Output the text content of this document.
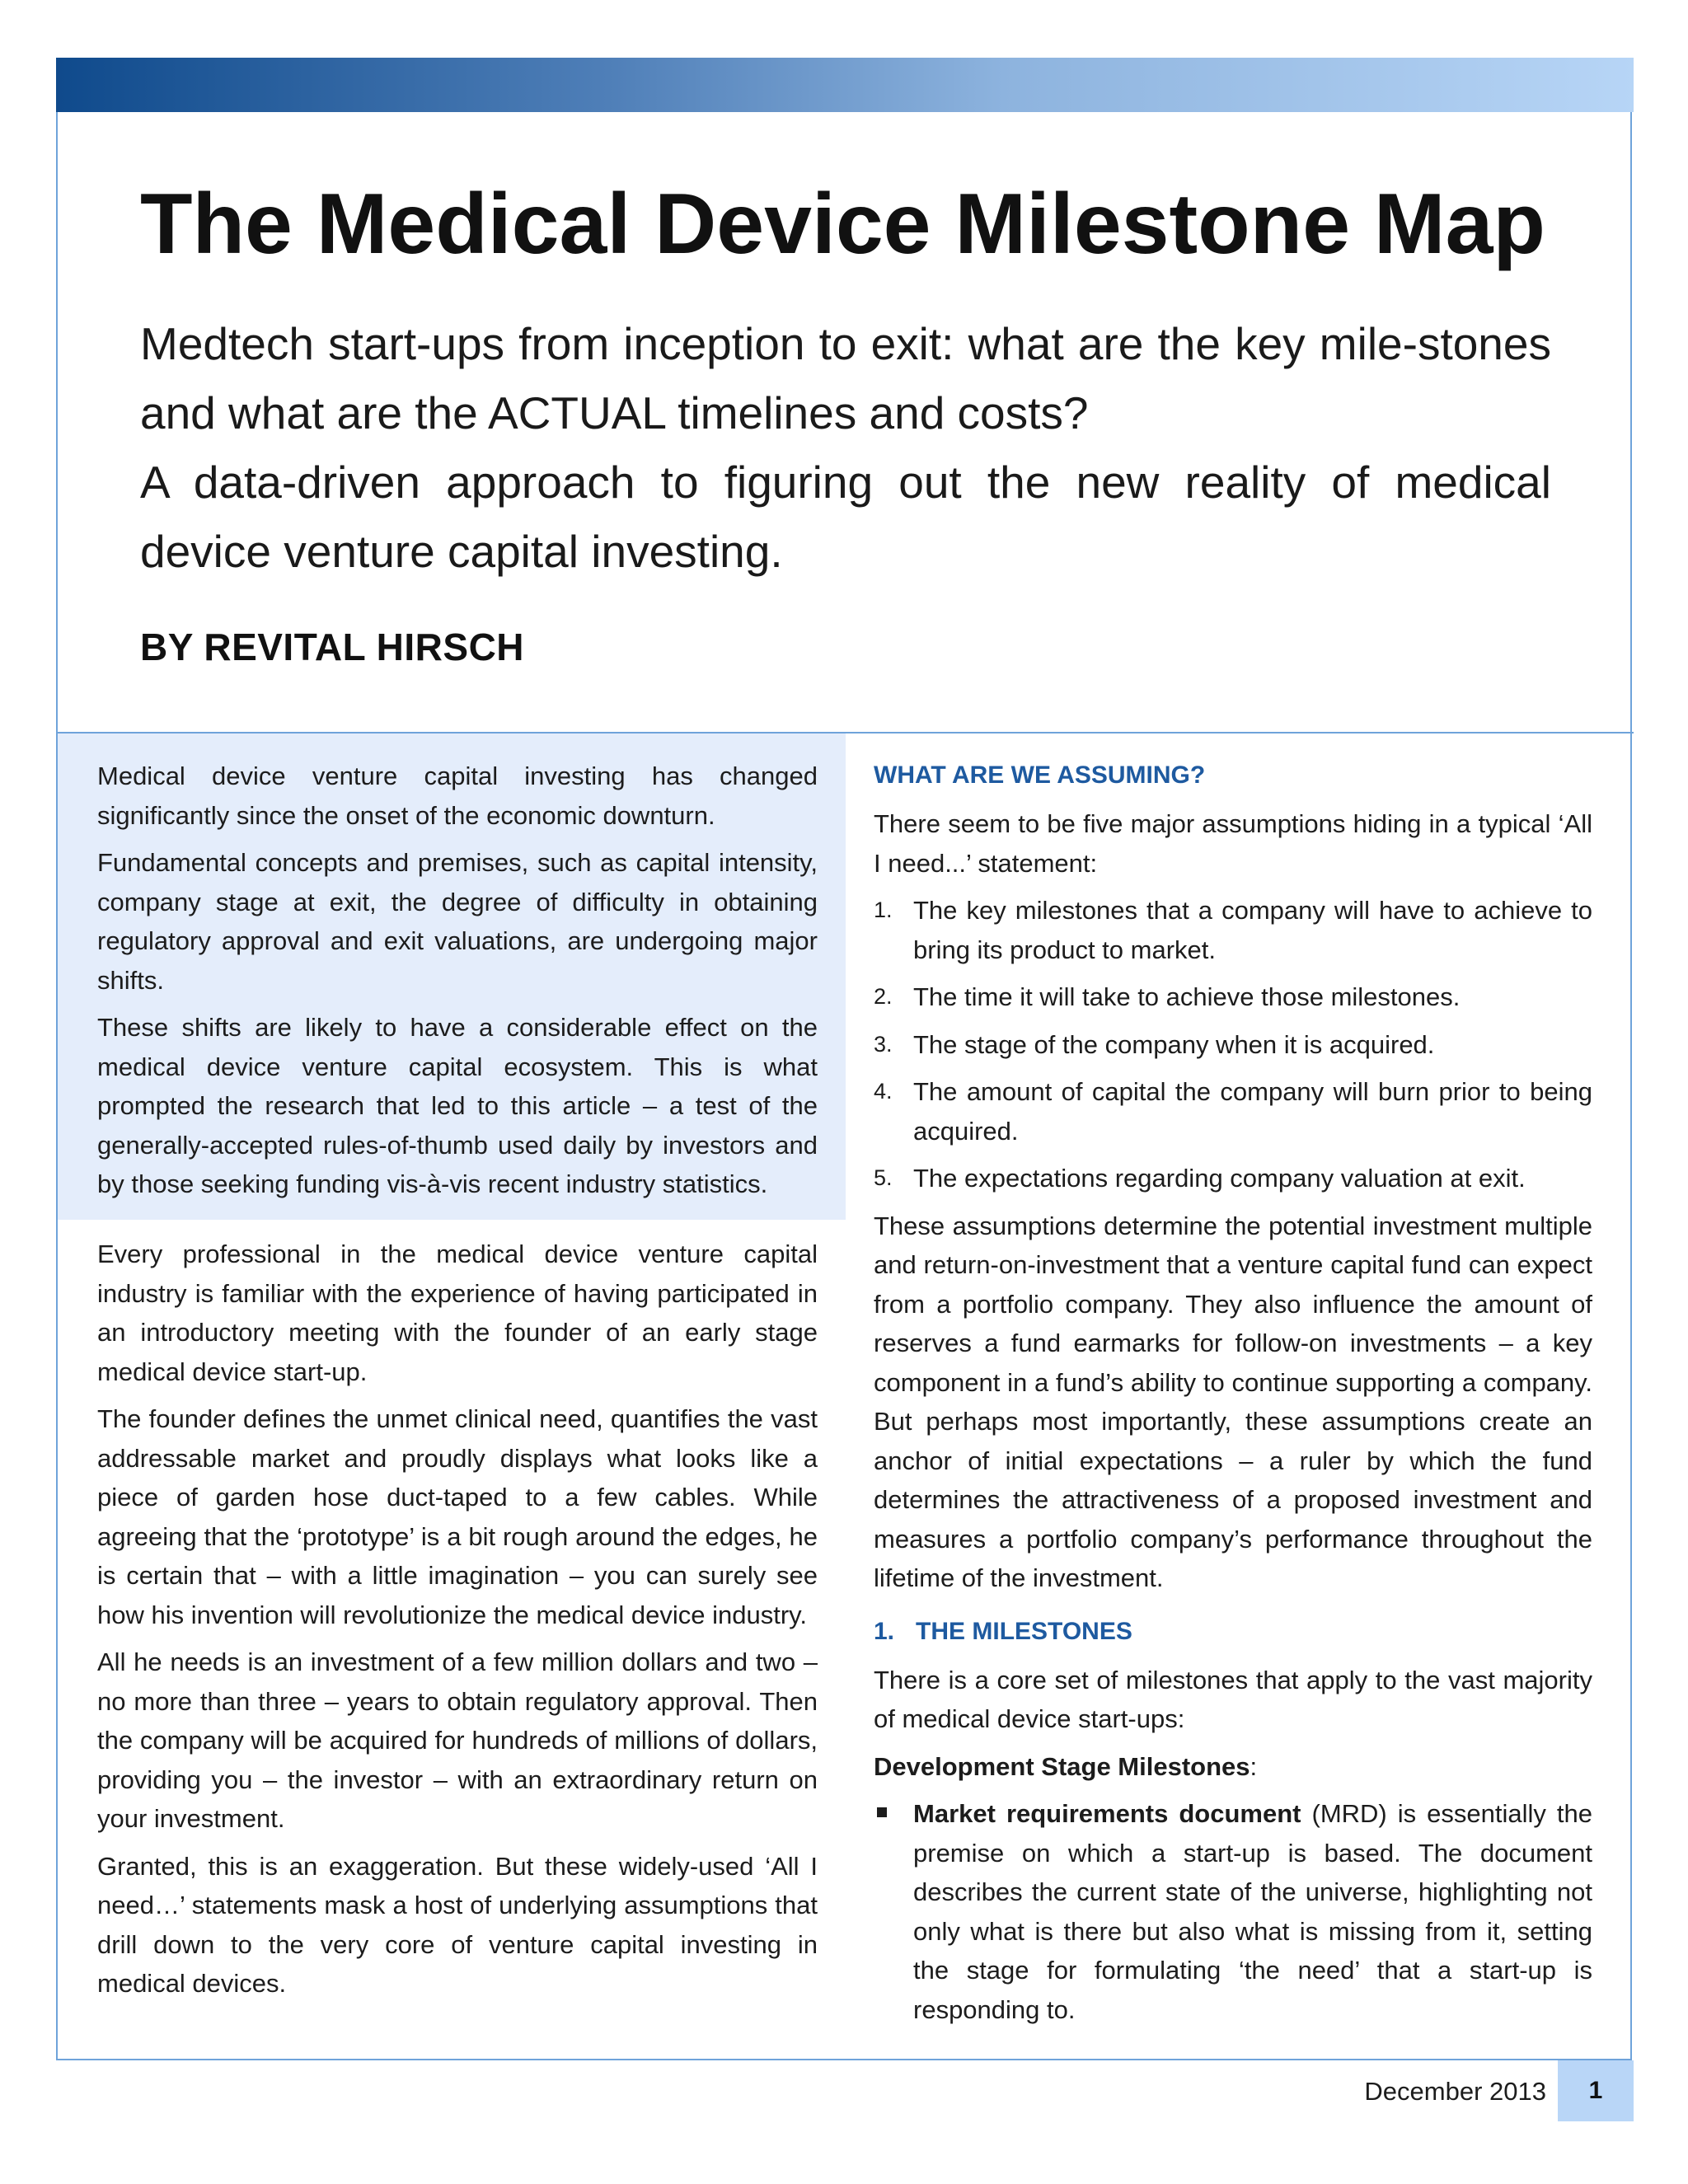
The Medical Device Milestone Map

Medtech start-ups from inception to exit: what are the key mile-stones and what are the ACTUAL timelines and costs?

A data-driven approach to figuring out the new reality of medical device venture capital investing.

BY REVITAL HIRSCH

Medical device venture capital investing has changed significantly since the onset of the economic downturn.

Fundamental concepts and premises, such as capital intensity, company stage at exit, the degree of difficulty in obtaining regulatory approval and exit valuations, are undergoing major shifts.

These shifts are likely to have a considerable effect on the medical device venture capital ecosystem. This is what prompted the research that led to this article – a test of the generally-accepted rules-of-thumb used daily by investors and by those seeking funding vis-à-vis recent industry statistics.

Every professional in the medical device venture capital industry is familiar with the experience of having participated in an introductory meeting with the founder of an early stage medical device start-up.

The founder defines the unmet clinical need, quantifies the vast addressable market and proudly displays what looks like a piece of garden hose duct-taped to a few cables. While agreeing that the ‘prototype’ is a bit rough around the edges, he is certain that – with a little imagination – you can surely see how his invention will revolutionize the medical device industry.

All he needs is an investment of a few million dollars and two – no more than three – years to obtain regulatory approval. Then the company will be acquired for hundreds of millions of dollars, providing you – the investor – with an extraordinary return on your investment.

Granted, this is an exaggeration. But these widely-used ‘All I need…’ statements mask a host of underlying assumptions that drill down to the very core of venture capital investing in medical devices.

WHAT ARE WE ASSUMING?

There seem to be five major assumptions hiding in a typical ‘All I need...’ statement:

1. The key milestones that a company will have to achieve to bring its product to market.
2. The time it will take to achieve those milestones.
3. The stage of the company when it is acquired.
4. The amount of capital the company will burn prior to being acquired.
5. The expectations regarding company valuation at exit.

These assumptions determine the potential investment multiple and return-on-investment that a venture capital fund can expect from a portfolio company. They also influence the amount of reserves a fund earmarks for follow-on investments – a key component in a fund’s ability to continue supporting a company. But perhaps most importantly, these assumptions create an anchor of initial expectations – a ruler by which the fund determines the attractiveness of a proposed investment and measures a portfolio company’s performance throughout the lifetime of the investment.

1. THE MILESTONES

There is a core set of milestones that apply to the vast majority of medical device start-ups:

Development Stage Milestones:
Market requirements document (MRD) is essentially the premise on which a start-up is based. The document describes the current state of the universe, highlighting not only what is there but also what is missing from it, setting the stage for formulating ‘the need’ that a start-up is responding to.
December 2013 1
